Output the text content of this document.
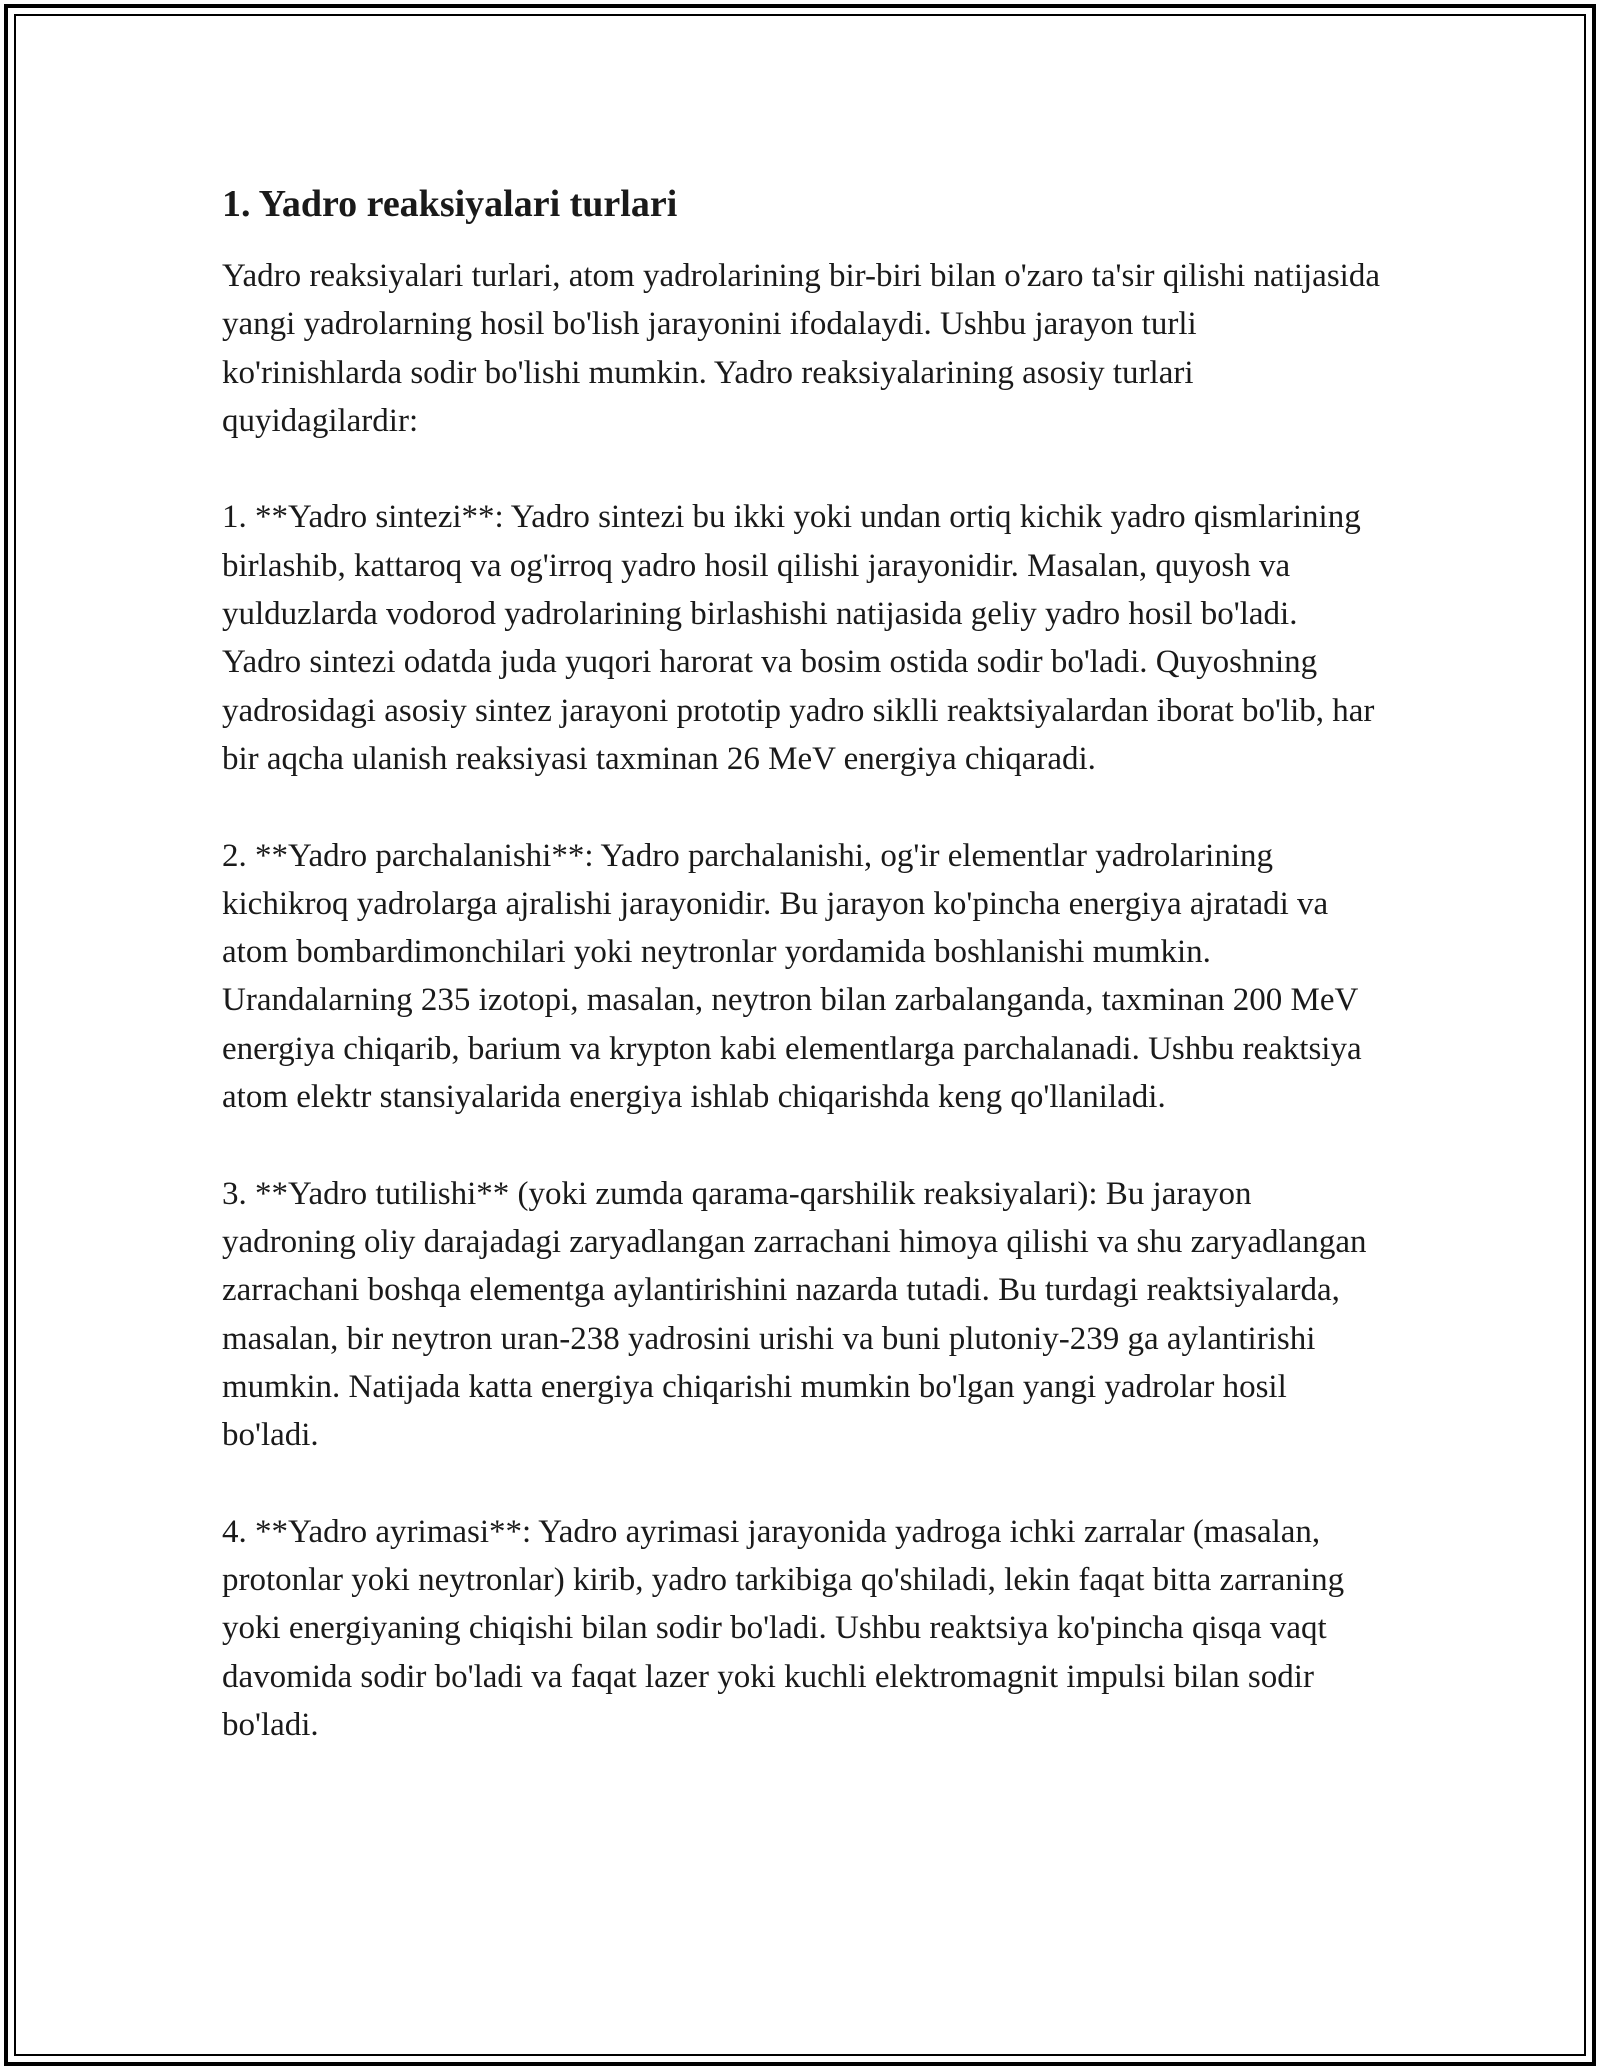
1. Yadro reaksiyalari turlari

Yadro reaksiyalari turlari, atom yadrolarining bir-biri bilan o'zaro ta'sir qilishi natijasida yangi yadrolarning hosil bo'lish jarayonini ifodalaydi. Ushbu jarayon turli ko'rinishlarda sodir bo'lishi mumkin. Yadro reaksiyalarining asosiy turlari quyidagilardir:

1. **Yadro sintezi**: Yadro sintezi bu ikki yoki undan ortiq kichik yadro qismlarining birlashib, kattaroq va og'irroq yadro hosil qilishi jarayonidir. Masalan, quyosh va yulduzlarda vodorod yadrolarining birlashishi natijasida geliy yadro hosil bo'ladi. Yadro sintezi odatda juda yuqori harorat va bosim ostida sodir bo'ladi. Quyoshning yadrosidagi asosiy sintez jarayoni prototip yadro siklli reaktsiyalardan iborat bo'lib, har bir aqcha ulanish reaksiyasi taxminan 26 MeV energiya chiqaradi.

2. **Yadro parchalanishi**: Yadro parchalanishi, og'ir elementlar yadrolarining kichikroq yadrolarga ajralishi jarayonidir. Bu jarayon ko'pincha energiya ajratadi va atom bombardimonchilari yoki neytronlar yordamida boshlanishi mumkin. Urandalarning 235 izotopi, masalan, neytron bilan zarbalanganda, taxminan 200 MeV energiya chiqarib, barium va krypton kabi elementlarga parchalanadi. Ushbu reaktsiya atom elektr stansiyalarida energiya ishlab chiqarishda keng qo'llaniladi.

3. **Yadro tutilishi** (yoki zumda qarama-qarshilik reaksiyalari): Bu jarayon yadroning oliy darajadagi zaryadlangan zarrachani himoya qilishi va shu zaryadlangan zarrachani boshqa elementga aylantirishini nazarda tutadi. Bu turdagi reaktsiyalarda, masalan, bir neytron uran-238 yadrosini urishi va buni plutoniy-239 ga aylantirishi mumkin. Natijada katta energiya chiqarishi mumkin bo'lgan yangi yadrolar hosil bo'ladi.

4. **Yadro ayrimasi**: Yadro ayrimasi jarayonida yadroga ichki zarralar (masalan, protonlar yoki neytronlar) kirib, yadro tarkibiga qo'shiladi, lekin faqat bitta zarraning yoki energiyaning chiqishi bilan sodir bo'ladi. Ushbu reaktsiya ko'pincha qisqa vaqt davomida sodir bo'ladi va faqat lazer yoki kuchli elektromagnit impulsi bilan sodir bo'ladi.
